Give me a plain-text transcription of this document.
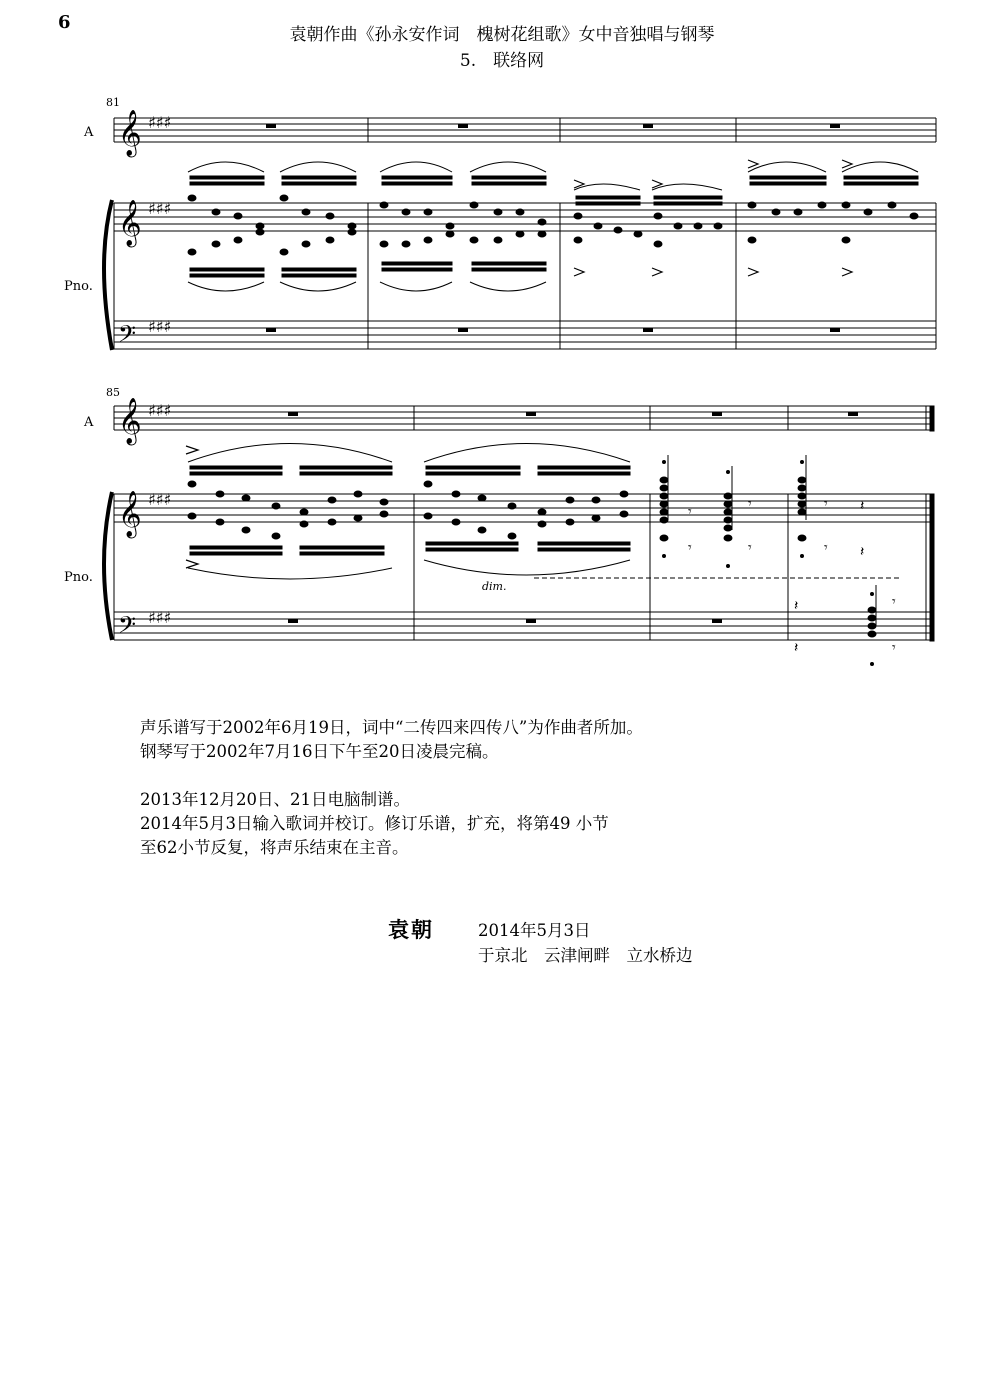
6
袁朝作曲《孙永安作词　槐树花组歌》女中音独唱与钢琴
5.　联络网
81
A
Pno.
𝄞 ♯♯♯
𝄞 ♯♯♯
𝄢 ♯♯♯
85
A
Pno.
𝄞 ♯♯♯
𝄞 ♯♯♯
𝄢 ♯♯♯
𝄾
𝄾
𝄾
𝄾
𝄾
𝄾
𝄽
𝄽
𝄽
𝄽
𝄾
𝄾
dim.

声乐谱写于2002年6月19日，词中“二传四来四传八”为作曲者所加。

钢琴写于2002年7月16日下午至20日凌晨完稿。

2013年12月20日、21日电脑制谱。

2014年5月3日输入歌词并校订。修订乐谱，扩充，将第49 小节

至62小节反复，将声乐结束在主音。

袁朝	2014年5月3日
于京北　云津闸畔　立水桥边
